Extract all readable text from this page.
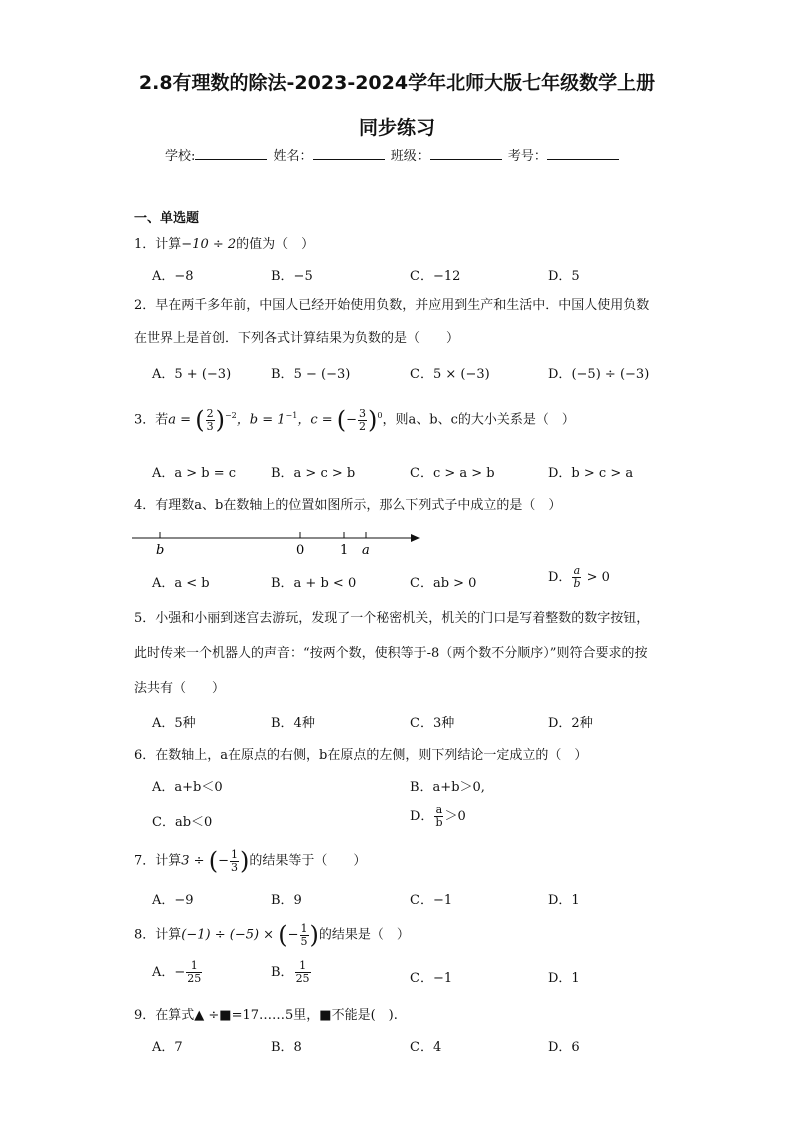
2.8有理数的除法-2023-2024学年北师大版七年级数学上册
同步练习
学校:	姓名：	班级：	考号：
一、单选题
1．计算−10 ÷ 2的值为（　）
A．−8	B．−5	C．−12	D．5
2．早在两千多年前，中国人已经开始使用负数，并应用到生产和生活中．中国人使用负数在世界上是首创．下列各式计算结果为负数的是（　　）
A．5 + (−3)	B．5 − (−3)	C．5 × (−3)	D．(−5) ÷ (−3)
3．若a = ( $\frac{2}{3} )^{-2}$，$b = 1^{-1}$，c = (− $\frac{3}{2} )^0$，则a、b、c的大小关系是（　）
A．a > b = c	B．a > c > b	C．c > a > b	D．b > c > a
4．有理数a、b在数轴上的位置如图所示，那么下列式子中成立的是（　）
b	0	1 a
A．a < b	B．a + b < 0	C．ab > 0	D． $\frac{a}{b} > 0$
5．小强和小丽到迷宫去游玩，发现了一个秘密机关，机关的门口是写着整数的数字按钮，此时传来一个机器人的声音：“按两个数，使积等于-8（两个数不分顺序）”则符合要求的按法共有（　　）
A．5种	B．4种	C．3种	D．2种
6．在数轴上，a在原点的右侧，b在原点的左侧，则下列结论一定成立的（　）
A．a+b＜0	B．a+b＞0,
C．ab＜0	D． $\frac{a}{b} >0$
7．计算3 ÷ (− $\frac{1}{3}$ )的结果等于（　　）
A．−9	B．9	C．−1	D．1
8．计算(−1) ÷ (−5) × (− $\frac{1}{5}$ )的结果是（　）
A．− $\frac{1}{25}$	B． $\frac{1}{25}$	C．−1	D．1
9．在算式▲ ÷■=17……5里，■不能是(　).
A．7	B．8	C．4	D．6
